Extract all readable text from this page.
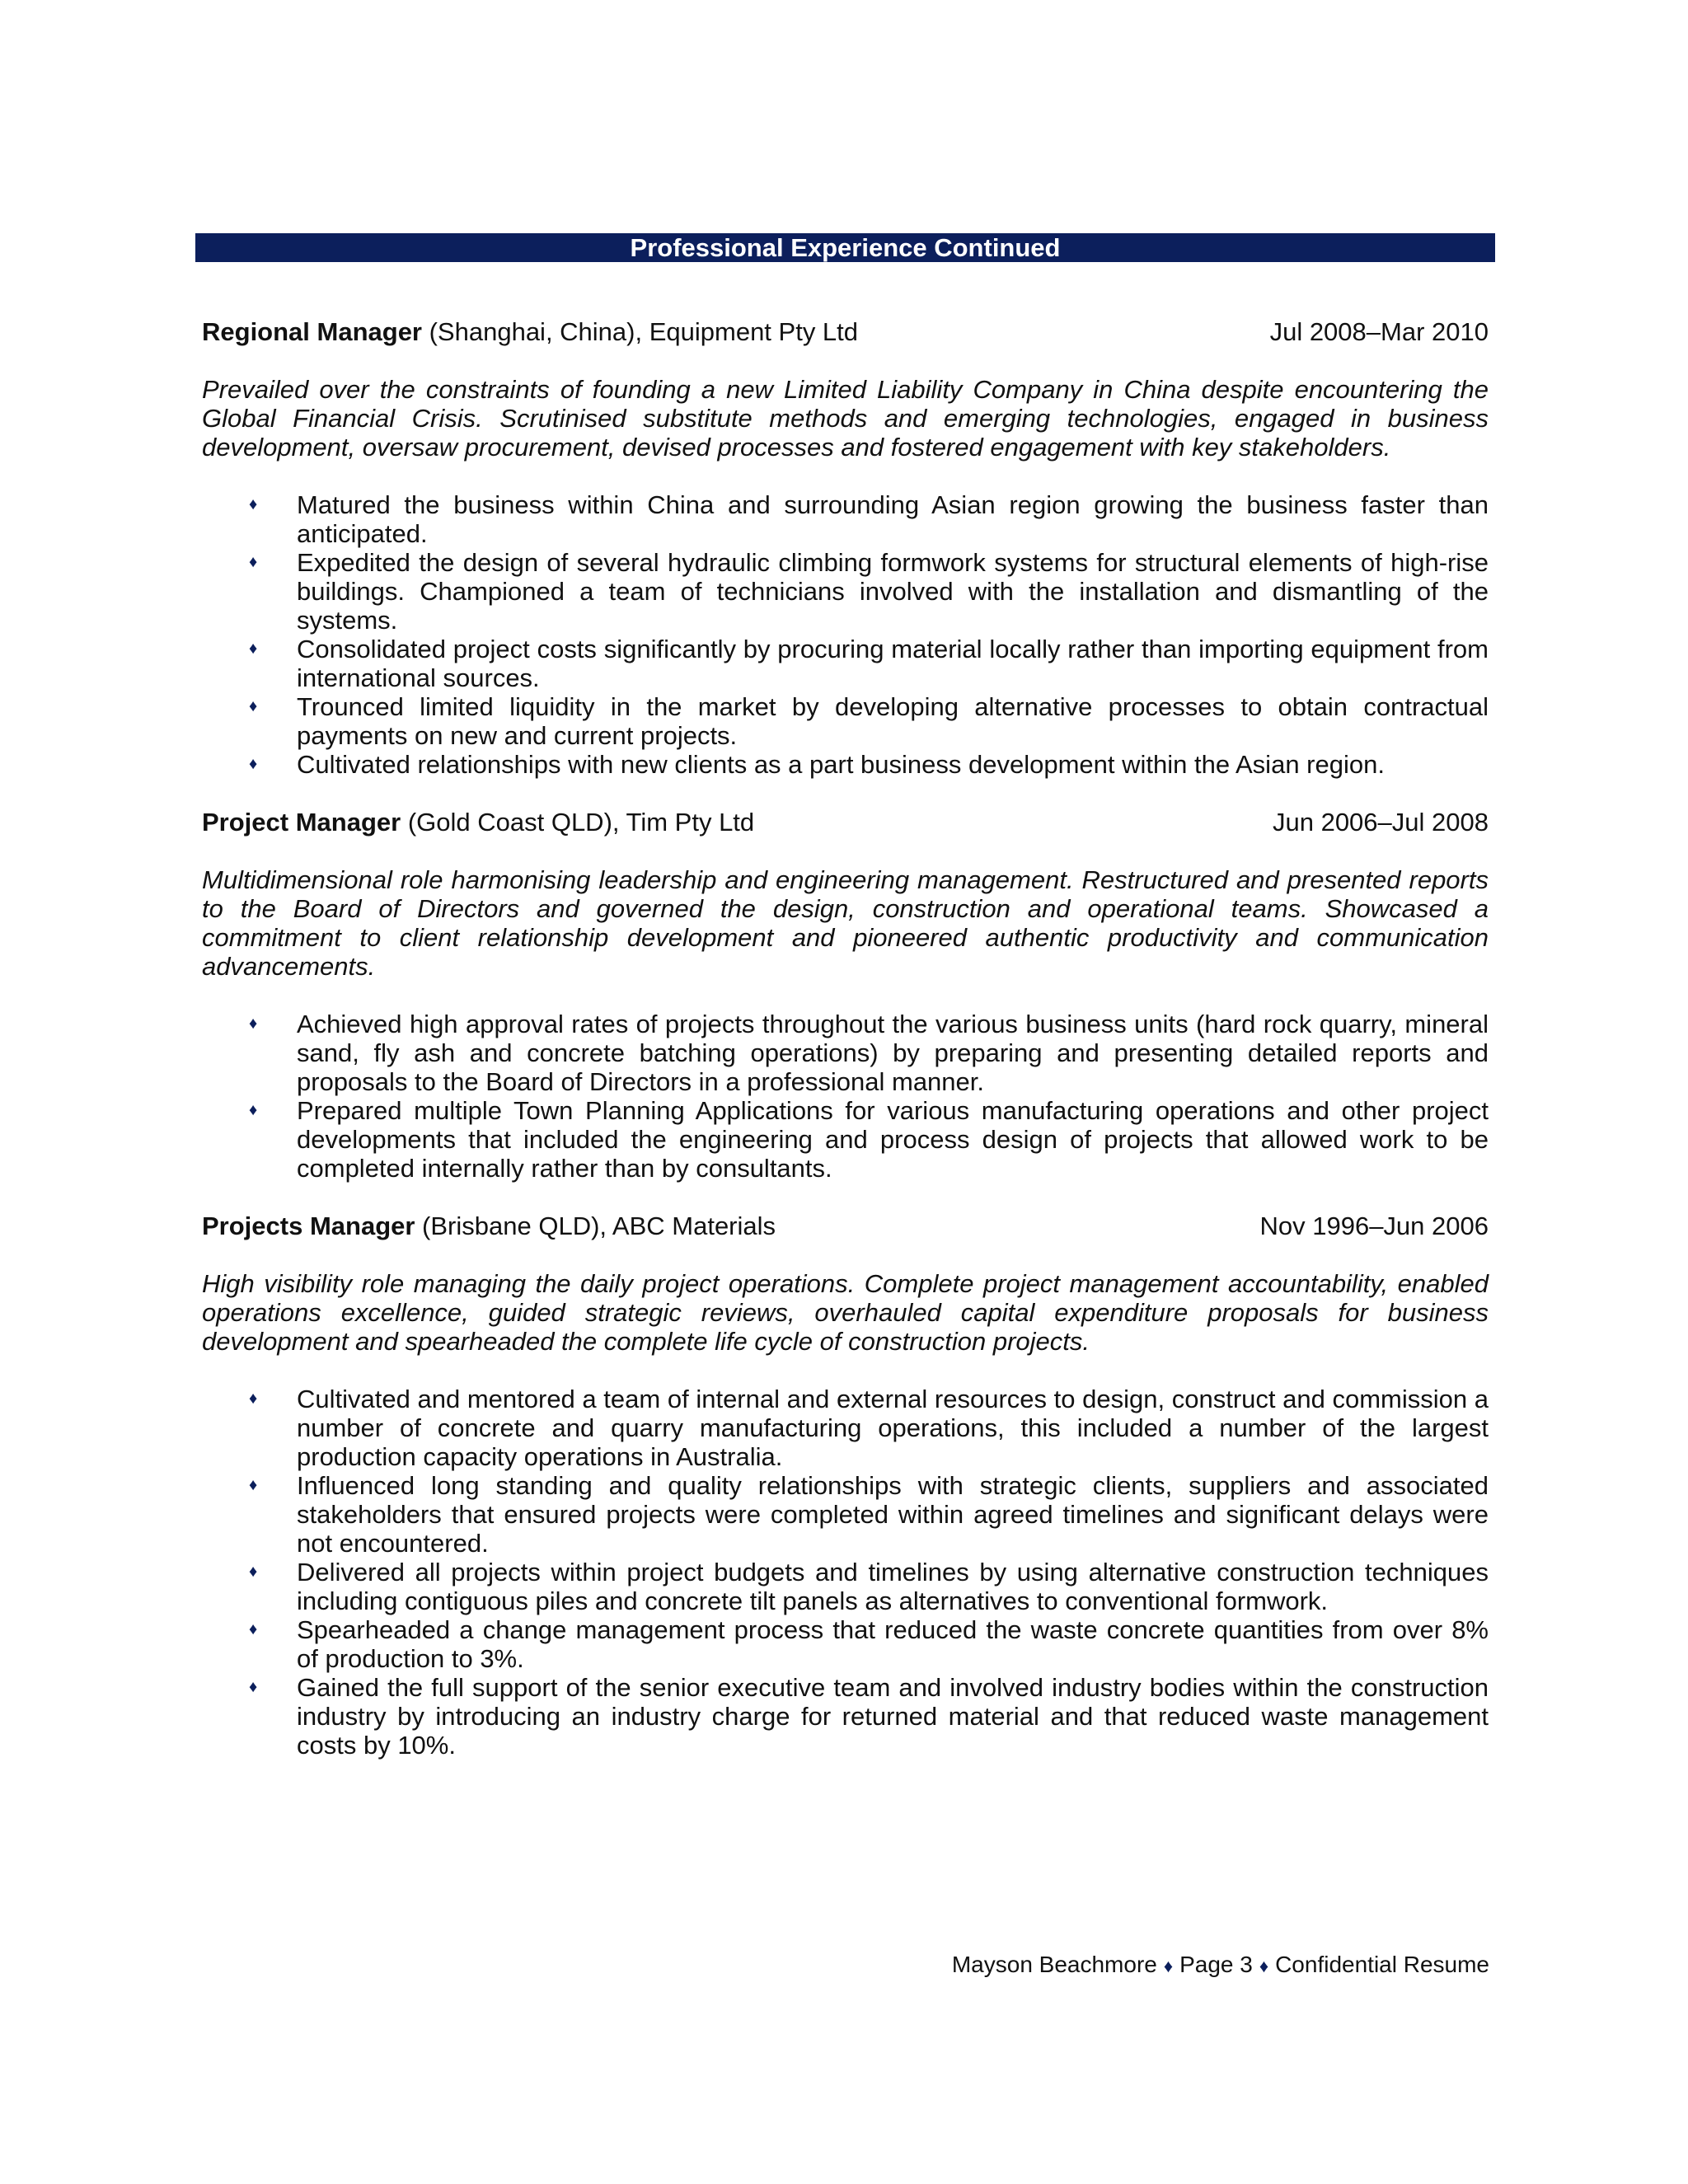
Professional Experience Continued
Regional Manager (Shanghai, China), Equipment Pty Ltd	Jul 2008–Mar 2010
Prevailed over the constraints of founding a new Limited Liability Company in China despite encountering the Global Financial Crisis. Scrutinised substitute methods and emerging technologies, engaged in business development, oversaw procurement, devised processes and fostered engagement with key stakeholders.
♦ Matured the business within China and surrounding Asian region growing the business faster than anticipated.
♦ Expedited the design of several hydraulic climbing formwork systems for structural elements of high-rise buildings. Championed a team of technicians involved with the installation and dismantling of the systems.
♦ Consolidated project costs significantly by procuring material locally rather than importing equipment from international sources.
♦ Trounced limited liquidity in the market by developing alternative processes to obtain contractual payments on new and current projects.
♦ Cultivated relationships with new clients as a part business development within the Asian region.
Project Manager (Gold Coast QLD), Tim Pty Ltd	Jun 2006–Jul 2008
Multidimensional role harmonising leadership and engineering management. Restructured and presented reports to the Board of Directors and governed the design, construction and operational teams. Showcased a commitment to client relationship development and pioneered authentic productivity and communication advancements.
♦ Achieved high approval rates of projects throughout the various business units (hard rock quarry, mineral sand, fly ash and concrete batching operations) by preparing and presenting detailed reports and proposals to the Board of Directors in a professional manner.
♦ Prepared multiple Town Planning Applications for various manufacturing operations and other project developments that included the engineering and process design of projects that allowed work to be completed internally rather than by consultants.
Projects Manager (Brisbane QLD), ABC Materials	Nov 1996–Jun 2006
High visibility role managing the daily project operations. Complete project management accountability, enabled operations excellence, guided strategic reviews, overhauled capital expenditure proposals for business development and spearheaded the complete life cycle of construction projects.
♦ Cultivated and mentored a team of internal and external resources to design, construct and commission a number of concrete and quarry manufacturing operations, this included a number of the largest production capacity operations in Australia.
♦ Influenced long standing and quality relationships with strategic clients, suppliers and associated stakeholders that ensured projects were completed within agreed timelines and significant delays were not encountered.
♦ Delivered all projects within project budgets and timelines by using alternative construction techniques including contiguous piles and concrete tilt panels as alternatives to conventional formwork.
♦ Spearheaded a change management process that reduced the waste concrete quantities from over 8% of production to 3%.
♦ Gained the full support of the senior executive team and involved industry bodies within the construction industry by introducing an industry charge for returned material and that reduced waste management costs by 10%.
Mayson Beachmore ♦ Page 3 ♦ Confidential Resume
